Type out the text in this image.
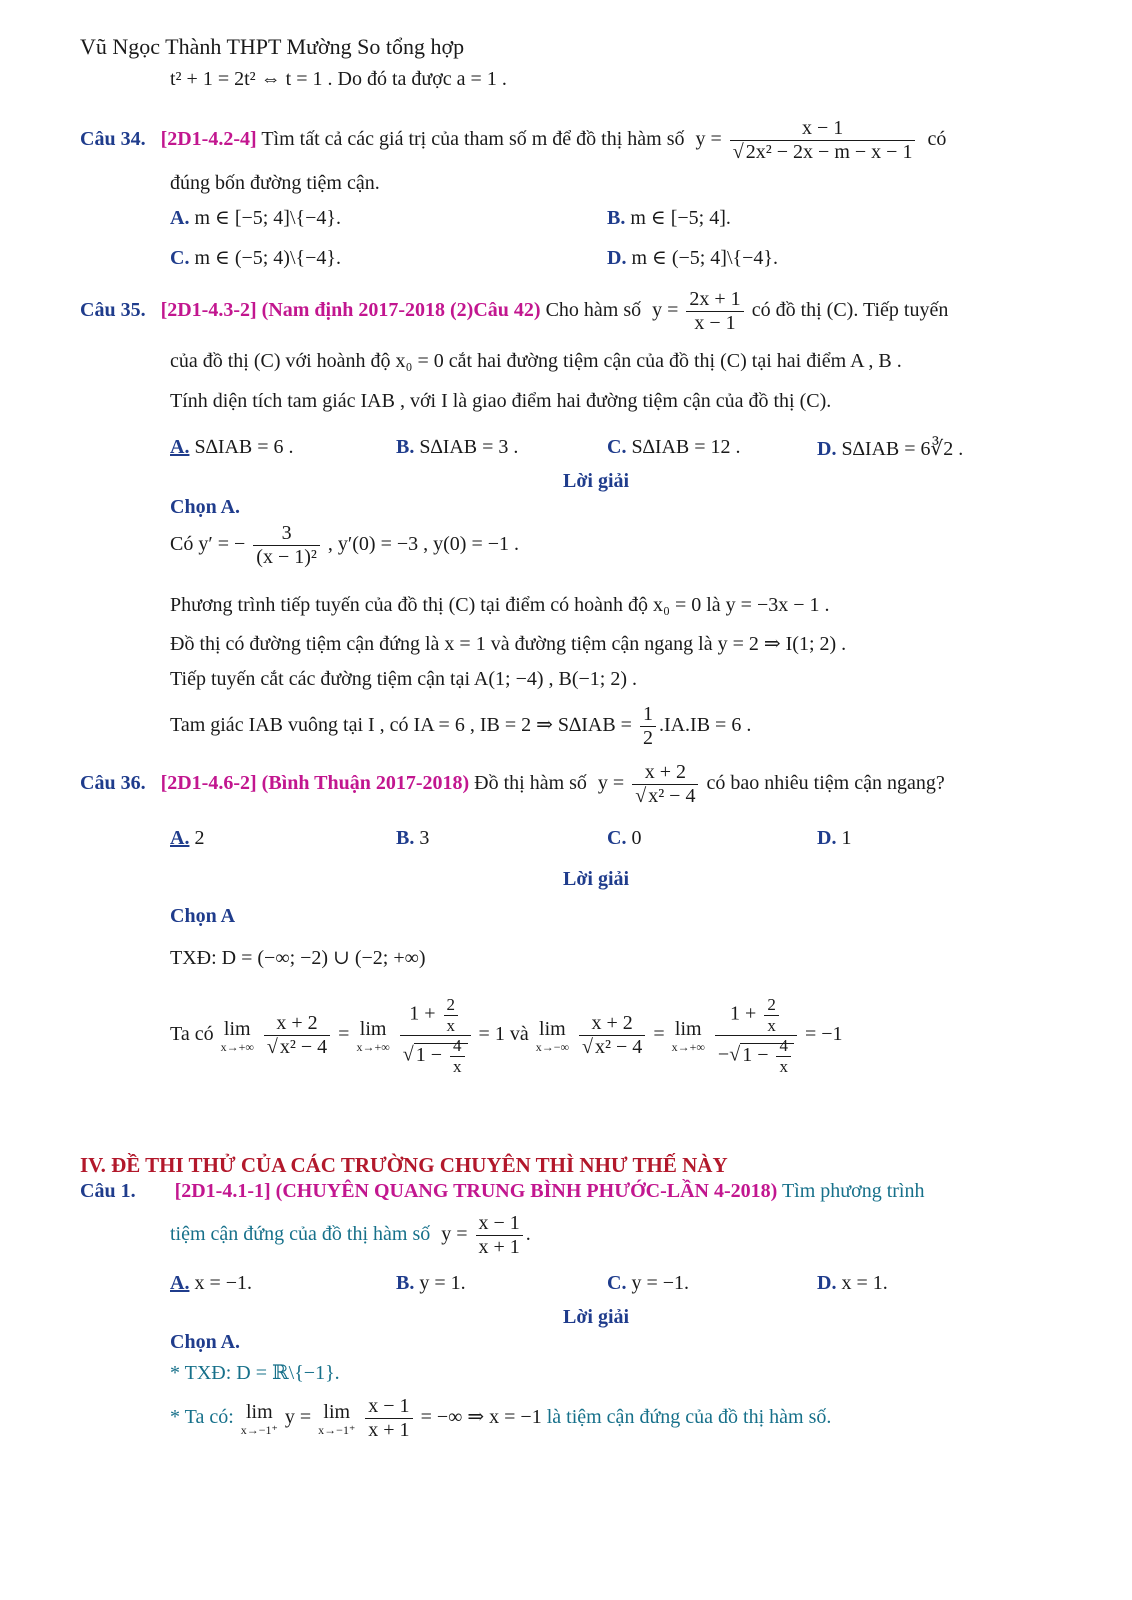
Vũ Ngọc Thành THPT Mường So tổng hợp
t² + 1 = 2t² ⇔ t = 1 . Do đó ta được a = 1 .
Câu 34. [2D1-4.2-4] Tìm tất cả các giá trị của tham số m để đồ thị hàm số $y = \frac{x - 1}{\text{√ 2x² − 2x − m − x − 1}}$ có
đúng bốn đường tiệm cận.
A. m ∈ [−5; 4]\{−4}.	B. m ∈ [−5; 4].
C. m ∈ (−5; 4)\{−4}.	D. m ∈ (−5; 4]\{−4}.
Câu 35. [2D1-4.3-2] (Nam định 2017-2018 (2)Câu 42) Cho hàm số $y = \frac{2x + 1}{x - 1}$ có đồ thị (C). Tiếp tuyến
của đồ thị (C) với hoành độ x₀ = 0 cắt hai đường tiệm cận của đồ thị (C) tại hai điểm A , B .
Tính diện tích tam giác IAB , với I là giao điểm hai đường tiệm cận của đồ thị (C).
A. S∆IAB = 6 .	B. S∆IAB = 3 .	C. S∆IAB = 12 .	D. S∆IAB = 6∛2 .
Lời giải
Chọn A.
Có y′ = − $\frac{3}{\text{(x − 1)²}}$ , y′(0) = −3 , y(0) = −1 .
Phương trình tiếp tuyến của đồ thị (C) tại điểm có hoành độ x₀ = 0 là y = −3x − 1 .
Đồ thị có đường tiệm cận đứng là x = 1 và đường tiệm cận ngang là y = 2 ⇒ I(1; 2) .
Tiếp tuyến cắt các đường tiệm cận tại A(1; −4) , B(−1; 2) .
Tam giác IAB vuông tại I , có IA = 6 , IB = 2 ⇒ $S\Delta IAB = \frac{1}{2} .IA.IB = 6$ .
Câu 36. [2D1-4.6-2] (Bình Thuận 2017-2018) Đồ thị hàm số $y = \frac{x + 2}{\text{√ x² − 4}}$ có bao nhiêu tiệm cận ngang?
A. 2	B. 3	C. 0	D. 1
Lời giải
Chọn A
TXĐ: D = (−∞; −2) ∪ (−2; +∞)
Ta có lim
x→+∞
$\frac{x + 2}{\text{√ x² − 4}} = \lim$
x→+∞
$\frac{1 + \frac{2}{x}}{√ 1 - \frac{4}{x}} = 1$ và lim
x→−∞
$\frac{x + 2}{\text{√ x² − 4}} = \lim$
x→+∞
$\frac{1 + \frac{2}{x}}{-√ 1 - \frac{4}{x}} = -1$
IV. ĐỀ THI THỬ CỦA CÁC TRƯỜNG CHUYÊN THÌ NHƯ THẾ NÀY
Câu 1. [2D1-4.1-1] (CHUYÊN QUANG TRUNG BÌNH PHƯỚC-LẦN 4-2018) Tìm phương trình
tiệm cận đứng của đồ thị hàm số $y = \frac{x - 1}{x + 1}$ .
A. x = −1.	B. y = 1.	C. y = −1.	D. x = 1.
Lời giải
Chọn A.
* TXĐ: D = ℝ\{−1}.
* Ta có: lim
x→−1⁺
y = lim
x→−1⁺
$\frac{x - 1}{x + 1}$ = −∞ ⇒ x = −1 là tiệm cận đứng của đồ thị hàm số.
